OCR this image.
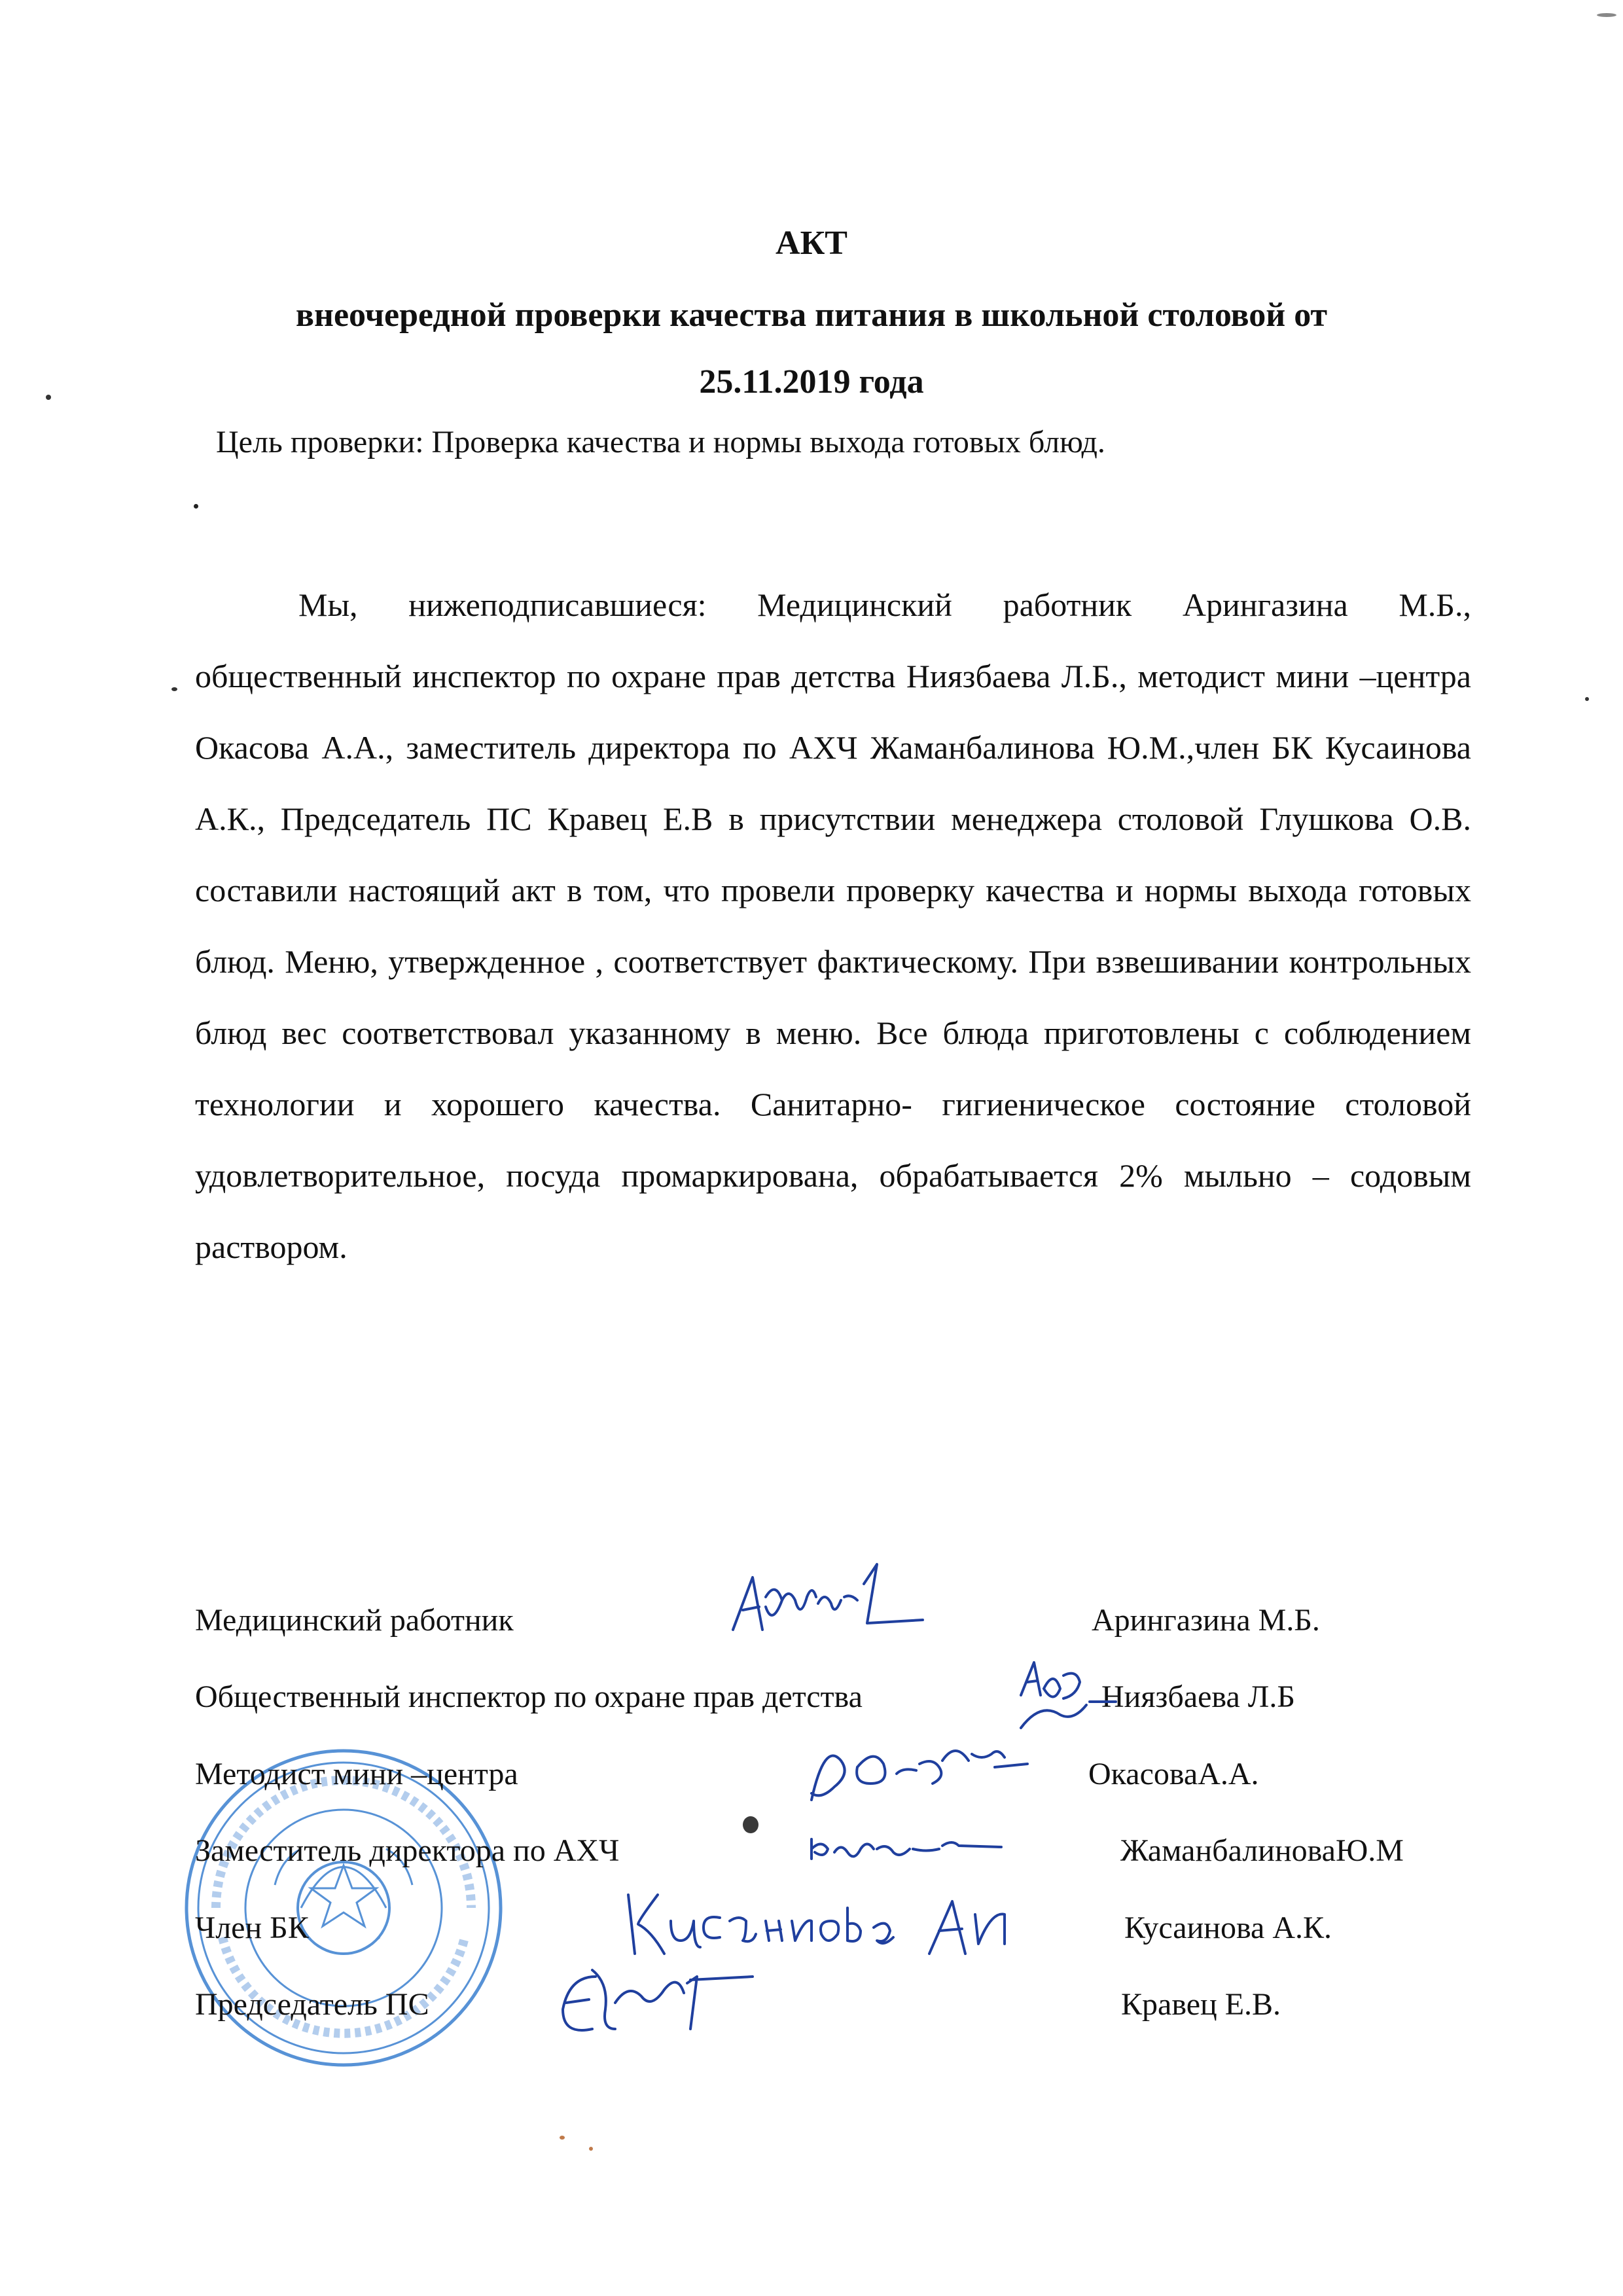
АКТ
внеочередной проверки качества питания в школьной столовой от
25.11.2019 года
Цель проверки: Проверка качества и нормы выхода готовых блюд.

Мы, нижеподписавшиеся: Медицинский работник Арингазина М.Б., общественный инспектор по охране прав детства Ниязбаева Л.Б., методист мини –центра Окасова А.А., заместитель директора по АХЧ Жаманбалинова Ю.М.,член БК Кусаинова А.К., Председатель ПС Кравец Е.В в присутствии менеджера столовой Глушкова О.В. составили настоящий акт в том, что провели проверку качества и нормы выхода готовых блюд. Меню, утвержденное , соответствует фактическому. При взвешивании контрольных блюд вес соответствовал указанному в меню. Все блюда приготовлены с соблюдением технологии и хорошего качества. Санитарно- гигиеническое состояние столовой удовлетворительное, посуда промаркирована, обрабатывается 2% мыльно – содовым раствором.

Медицинский работник	Арингазина М.Б.
Общественный инспектор по охране прав детства	Ниязбаева Л.Б
Методист мини –центра	ОкасоваА.А.
Заместитель директора по АХЧ	ЖаманбалиноваЮ.М
Член БК	Кусаинова А.К.
Председатель ПС	Кравец Е.В.
